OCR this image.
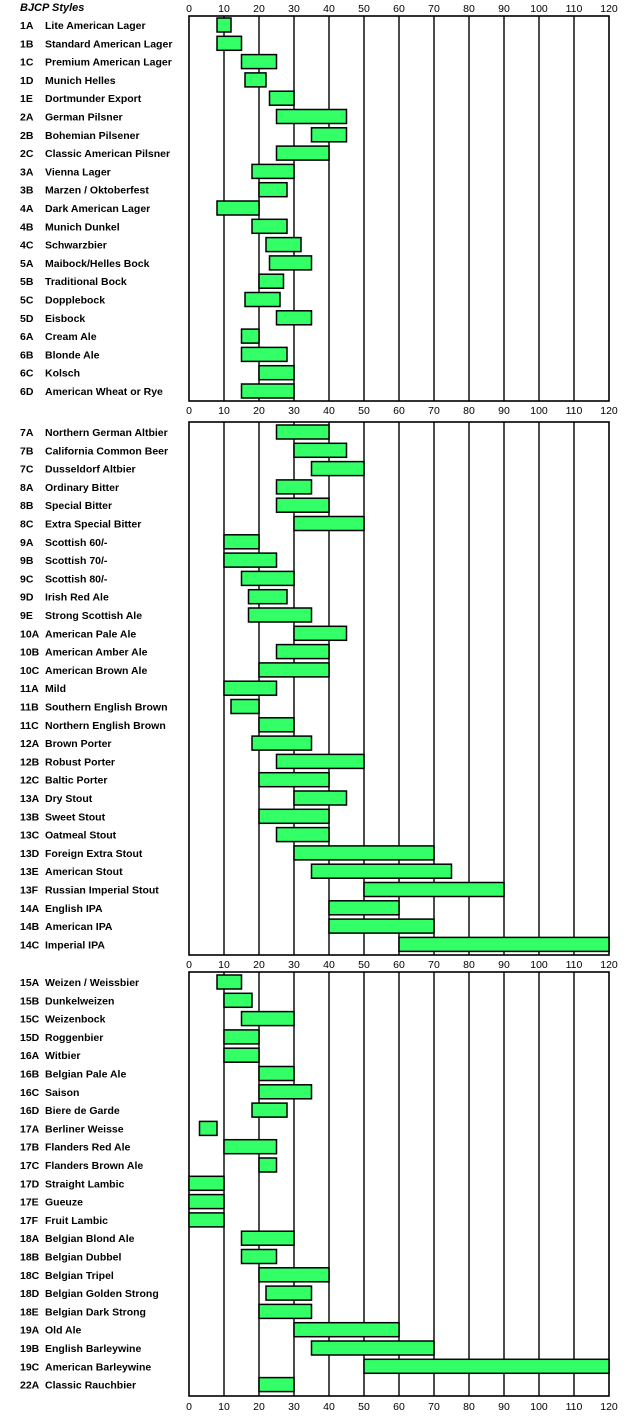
BJCP Styles	0 10 20 30 40 50 60 70 80 90 100 110 120
0 10 20 30 40 50 60 70 80 90 100 110 120
0 10 20 30 40 50 60 70 80 90 100 110 120
0 10 20 30 40 50 60 70 80 90 100 110 120
1A Lite American Lager
1B Standard American Lager
1C Premium American Lager
1D Munich Helles
1E Dortmunder Export
2A German Pilsner
2B Bohemian Pilsener
2C Classic American Pilsner
3A Vienna Lager
3B Marzen / Oktoberfest
4A Dark American Lager
4B Munich Dunkel
4C Schwarzbier
5A Maibock/Helles Bock
5B Traditional Bock
5C Dopplebock
5D Eisbock
6A Cream Ale
6B Blonde Ale
6C Kolsch
6D American Wheat or Rye
7A Northern German Altbier
7B California Common Beer
7C Dusseldorf Altbier
8A Ordinary Bitter
8B Special Bitter
8C Extra Special Bitter
9A Scottish 60/-
9B Scottish 70/-
9C Scottish 80/-
9D Irish Red Ale
9E Strong Scottish Ale
10A American Pale Ale
10B American Amber Ale
10C American Brown Ale
11A Mild
11B Southern English Brown
11C Northern English Brown
12A Brown Porter
12B Robust Porter
12C Baltic Porter
13A Dry Stout
13B Sweet Stout
13C Oatmeal Stout
13D Foreign Extra Stout
13E American Stout
13F Russian Imperial Stout
14A English IPA
14B American IPA
14C Imperial IPA
15A Weizen / Weissbier
15B Dunkelweizen
15C Weizenbock
15D Roggenbier
16A Witbier
16B Belgian Pale Ale
16C Saison
16D Biere de Garde
17A Berliner Weisse
17B Flanders Red Ale
17C Flanders Brown Ale
17D Straight Lambic
17E Gueuze
17F Fruit Lambic
18A Belgian Blond Ale
18B Belgian Dubbel
18C Belgian Tripel
18D Belgian Golden Strong
18E Belgian Dark Strong
19A Old Ale
19B English Barleywine
19C American Barleywine
22A Classic Rauchbier
